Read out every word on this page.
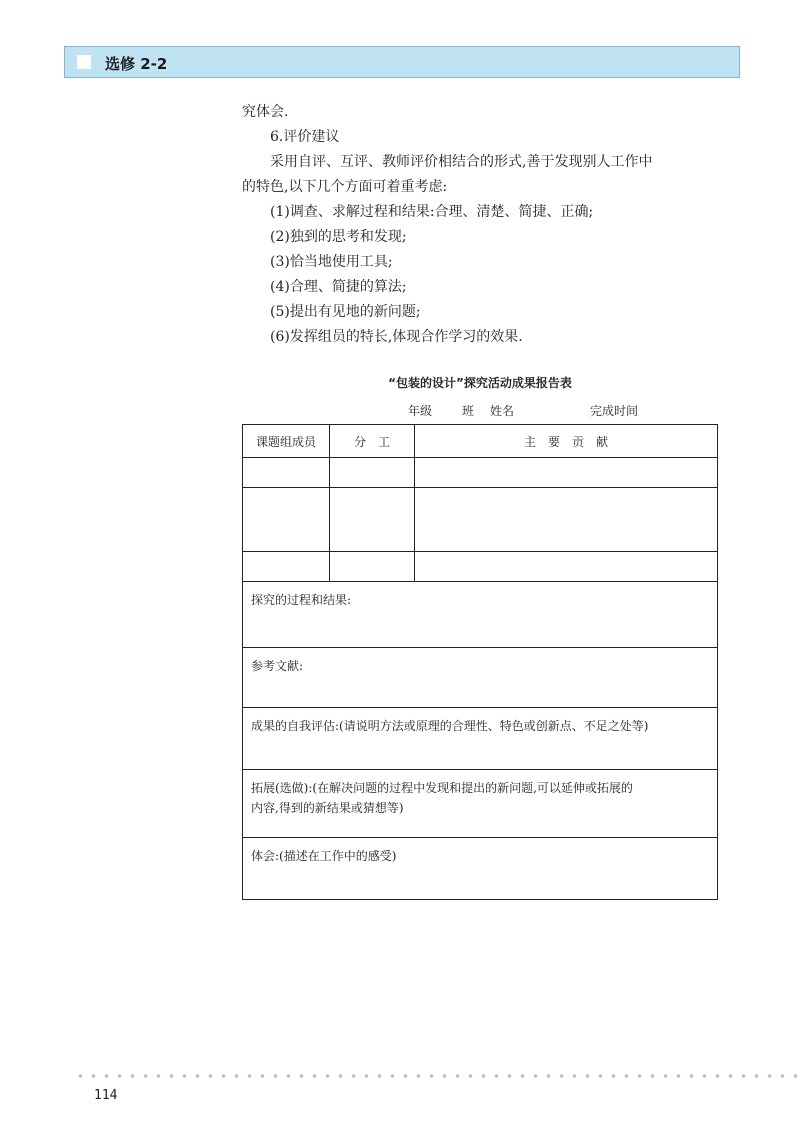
选修 2-2

究体会.

6.评价建议

采用自评、互评、教师评价相结合的形式,善于发现别人工作中

的特色,以下几个方面可着重考虑:

(1)调查、求解过程和结果:合理、清楚、简捷、正确;

(2)独到的思考和发现;

(3)恰当地使用工具;

(4)合理、简捷的算法;

(5)提出有见地的新问题;

(6)发挥组员的特长,体现合作学习的效果.

“包装的设计”探究活动成果报告表
年级 班 姓名	完成时间
课题组成员	分　工	主　要　贡　献

探究的过程和结果:		

参考文献:		

成果的自我评估:(请说明方法或原理的合理性、特色或创新点、不足之处等)		

拓展(选做):(在解决问题的过程中发现和提出的新问题,可以延伸或拓展的
内容,得到的新结果或猜想等)		

体会:(描述在工作中的感受)		
114
